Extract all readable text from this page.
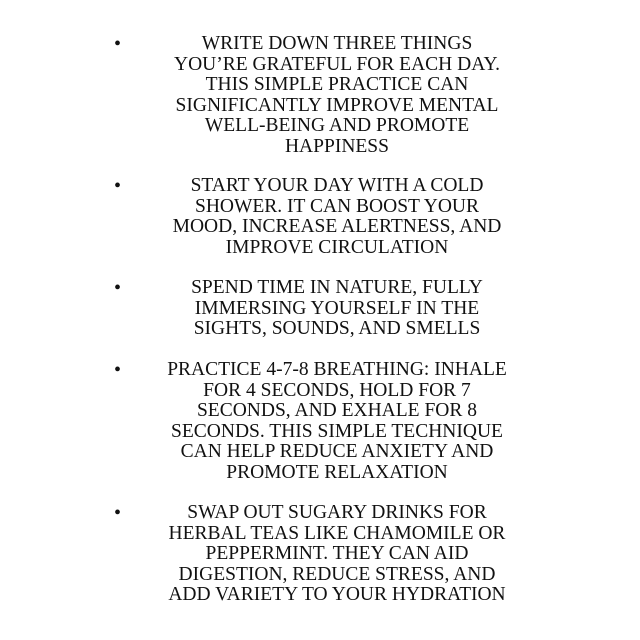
•	WRITE DOWN THREE THINGS
YOU’RE GRATEFUL FOR EACH DAY.
THIS SIMPLE PRACTICE CAN
SIGNIFICANTLY IMPROVE MENTAL
WELL-BEING AND PROMOTE
HAPPINESS
•	START YOUR DAY WITH A COLD
SHOWER. IT CAN BOOST YOUR
MOOD, INCREASE ALERTNESS, AND
IMPROVE CIRCULATION
•	SPEND TIME IN NATURE, FULLY
IMMERSING YOURSELF IN THE
SIGHTS, SOUNDS, AND SMELLS
•	PRACTICE 4-7-8 BREATHING: INHALE
FOR 4 SECONDS, HOLD FOR 7
SECONDS, AND EXHALE FOR 8
SECONDS. THIS SIMPLE TECHNIQUE
CAN HELP REDUCE ANXIETY AND
PROMOTE RELAXATION
•	SWAP OUT SUGARY DRINKS FOR
HERBAL TEAS LIKE CHAMOMILE OR
PEPPERMINT. THEY CAN AID
DIGESTION, REDUCE STRESS, AND
ADD VARIETY TO YOUR HYDRATION
